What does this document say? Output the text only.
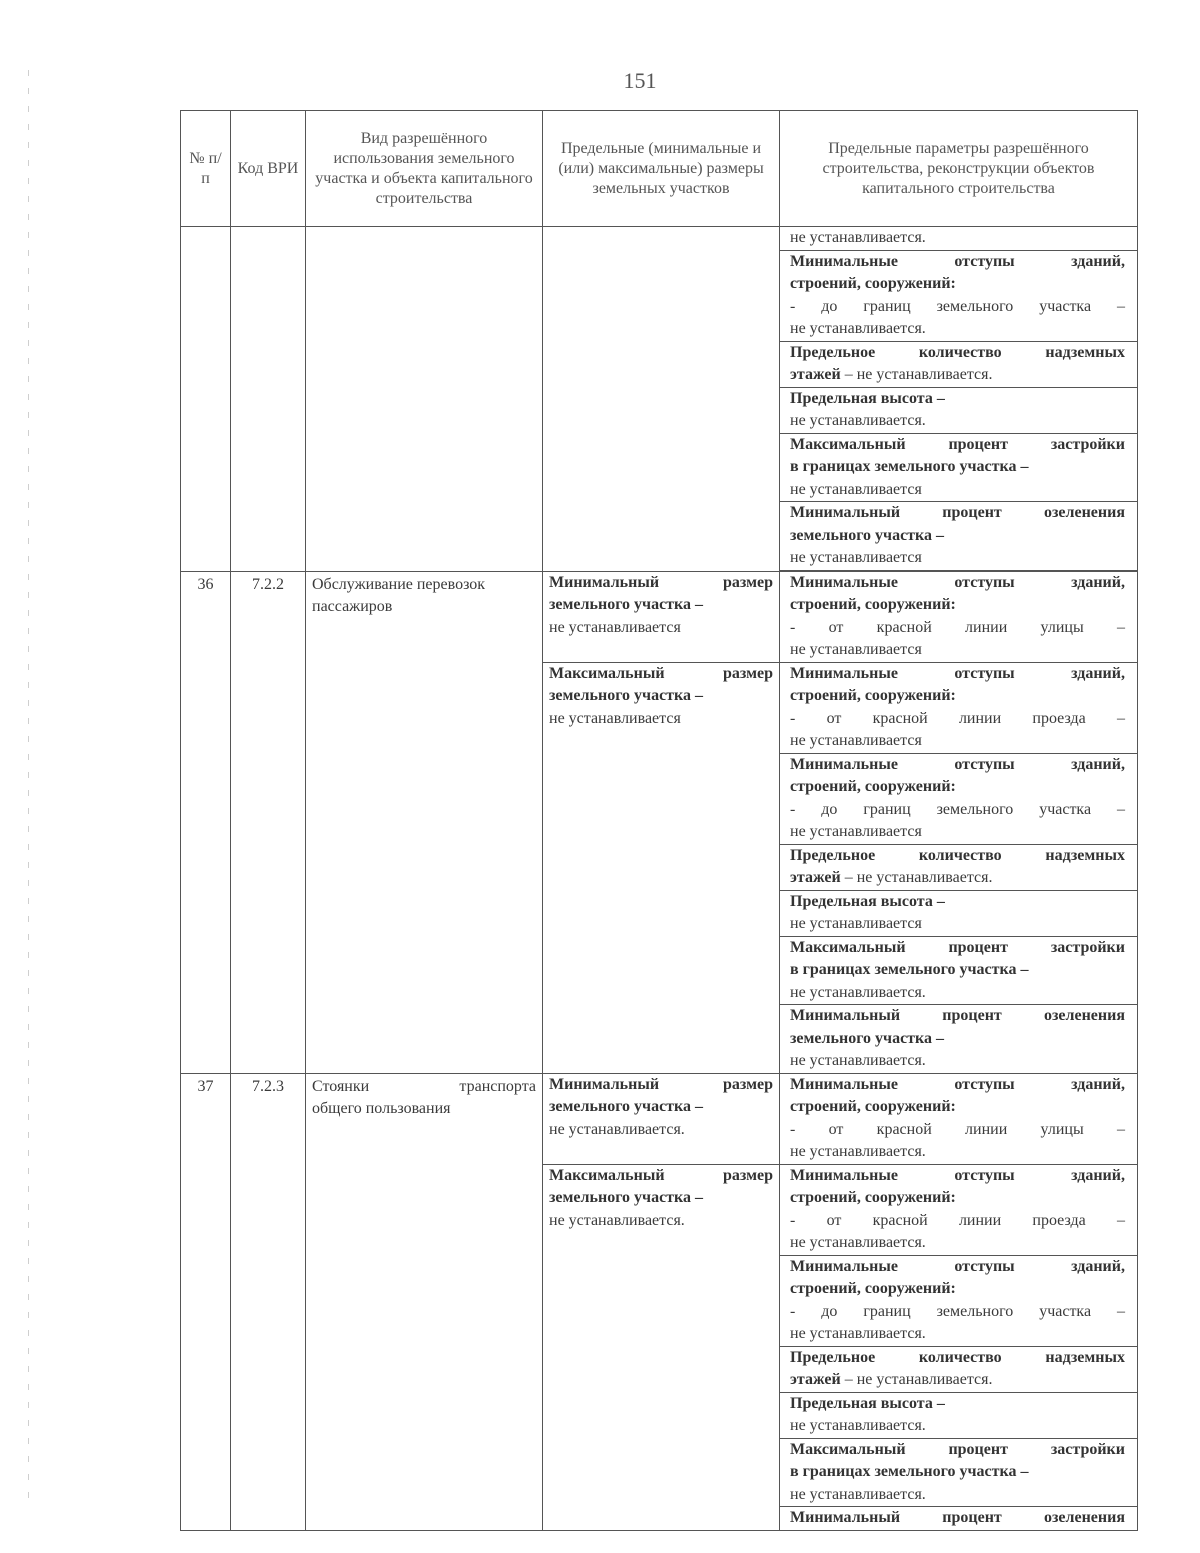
151
№ п/п	Код ВРИ	Вид разрешённого использования земельного участка и объекта капитального строительства	Предельные (минимальные и (или) максимальные) размеры земельных участков	Предельные параметры разрешённого строительства, реконструкции объектов капитального строительства

				не устанавливается.

				Минимальные отступы зданий,
строений, сооружений:
- до границ земельного участка –
не устанавливается.

				Предельное количество надземных
этажей – не устанавливается.

				Предельная высота –
не устанавливается.

				Максимальный процент застройки
в границах земельного участка –
не устанавливается

				Минимальный процент озеленения
земельного участка –
не устанавливается

36	7.2.2	Обслуживание перевозок пассажиров	Минимальный размер
земельного участка –
не устанавливается	Минимальные отступы зданий,
строений, сооружений:
- от красной линии улицы –
не устанавливается

			Максимальный размер
земельного участка –
не устанавливается	Минимальные отступы зданий,
строений, сооружений:
- от красной линии проезда –
не устанавливается

				Минимальные отступы зданий,
строений, сооружений:
- до границ земельного участка –
не устанавливается

				Предельное количество надземных
этажей – не устанавливается.

				Предельная высота –
не устанавливается

				Максимальный процент застройки
в границах земельного участка –
не устанавливается.

				Минимальный процент озеленения
земельного участка –
не устанавливается.

37	7.2.3	Стоянки транспорта
общего пользования	Минимальный размер
земельного участка –
не устанавливается.	Минимальные отступы зданий,
строений, сооружений:
- от красной линии улицы –
не устанавливается.

			Максимальный размер
земельного участка –
не устанавливается.	Минимальные отступы зданий,
строений, сооружений:
- от красной линии проезда –
не устанавливается.

				Минимальные отступы зданий,
строений, сооружений:
- до границ земельного участка –
не устанавливается.

				Предельное количество надземных
этажей – не устанавливается.

				Предельная высота –
не устанавливается.

				Максимальный процент застройки
в границах земельного участка –
не устанавливается.

				Минимальный процент озеленения
